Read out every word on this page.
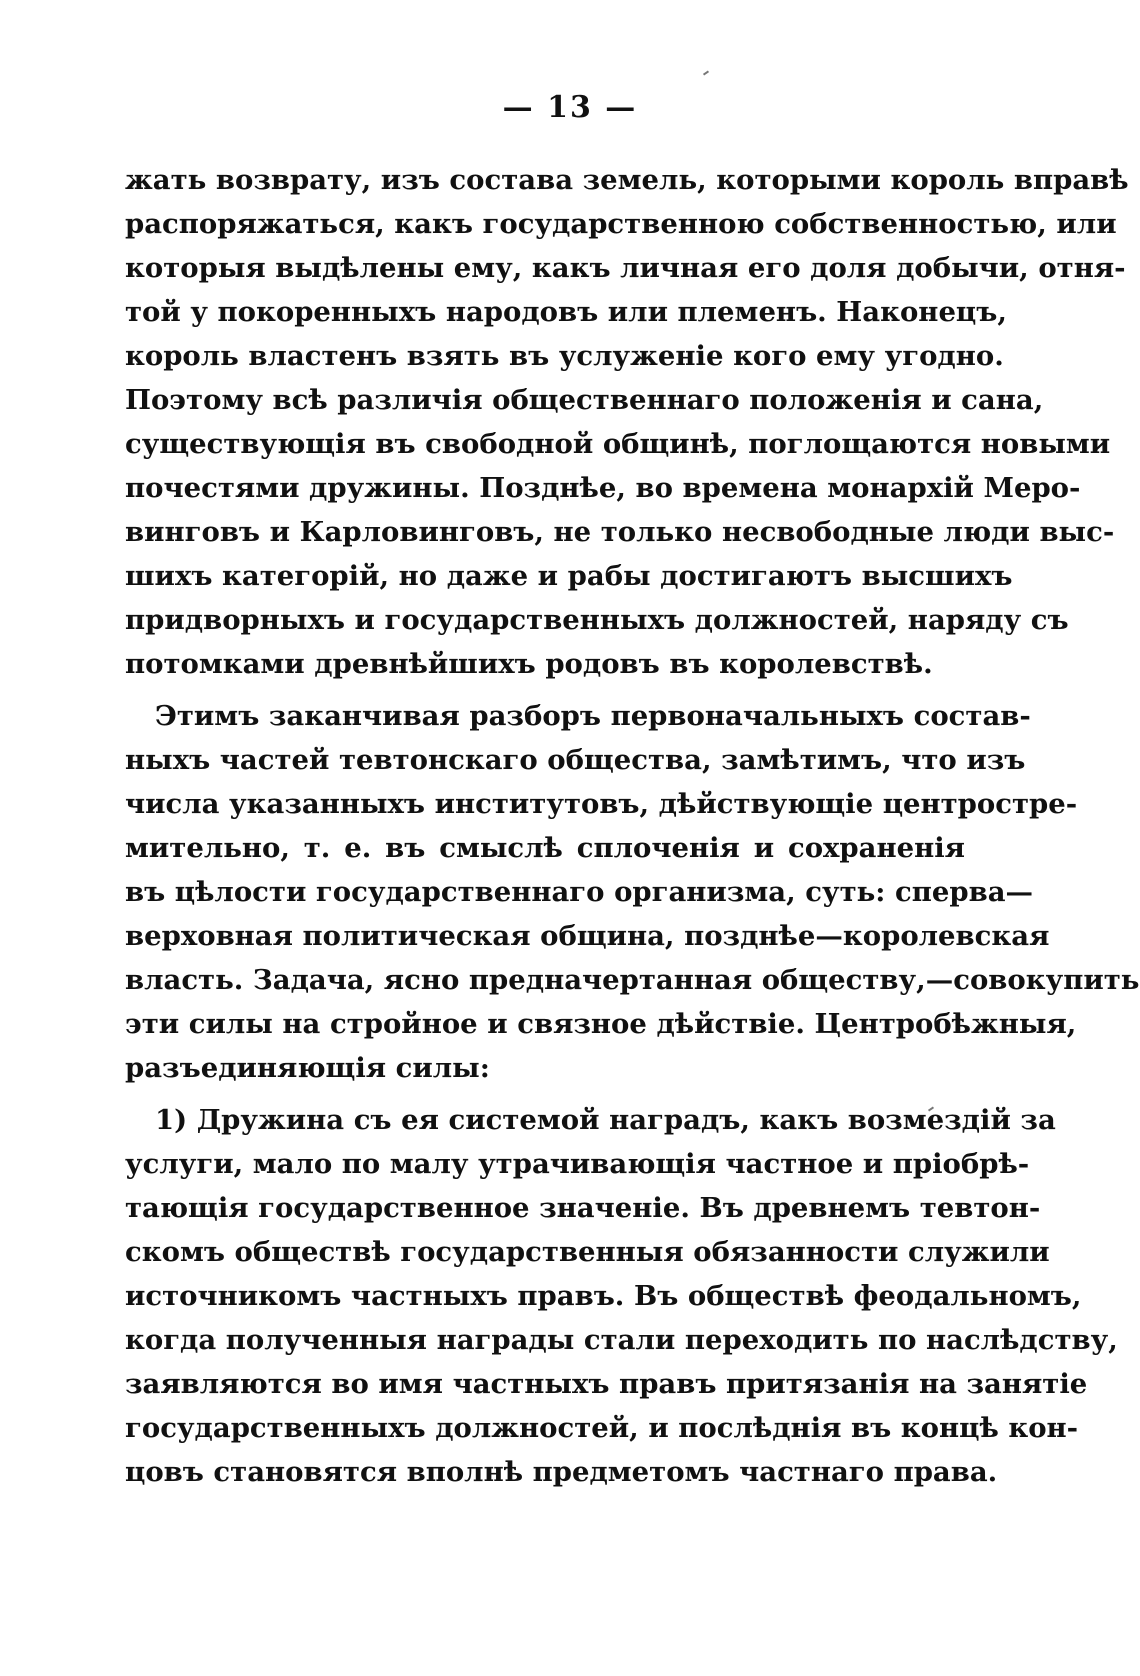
— 13 —
жать возврату, изъ состава земель, которыми король вправѣ
распоряжаться, какъ государственною собственностью, или
которыя выдѣлены ему, какъ личная его доля добычи, отня-
той у покоренныхъ народовъ или племенъ. Наконецъ,
король властенъ взять въ услуженіе кого ему угодно.
Поэтому всѣ различія общественнаго положенія и сана,
существующія въ свободной общинѣ, поглощаются новыми
почестями дружины. Позднѣе, во времена монархій Меро-
винговъ и Карловинговъ, не только несвободные люди выс-
шихъ категорій, но даже и рабы достигаютъ высшихъ
придворныхъ и государственныхъ должностей, наряду съ
потомками древнѣйшихъ родовъ въ королевствѣ.
Этимъ заканчивая разборъ первоначальныхъ состав-
ныхъ частей тевтонскаго общества, замѣтимъ, что изъ
числа указанныхъ институтовъ, дѣйствующіе центростре-
мительно, т. е. въ смыслѣ сплоченія и сохраненія
въ цѣлости государственнаго организма, суть: сперва—
верховная политическая община, позднѣе—королевская
власть. Задача, ясно предначертанная обществу,—совокупить
эти силы на стройное и связное дѣйствіе. Центробѣжныя,
разъединяющія силы:
1) Дружина съ ея системой наградъ, какъ возмездій за
услуги, мало по малу утрачивающія частное и пріобрѣ-
тающія государственное значеніе. Въ древнемъ тевтон-
скомъ обществѣ государственныя обязанности служили
источникомъ частныхъ правъ. Въ обществѣ феодальномъ,
когда полученныя награды стали переходить по наслѣдству,
заявляются во имя частныхъ правъ притязанія на занятіе
государственныхъ должностей, и послѣднія въ концѣ кон-
цовъ становятся вполнѣ предметомъ частнаго права.
